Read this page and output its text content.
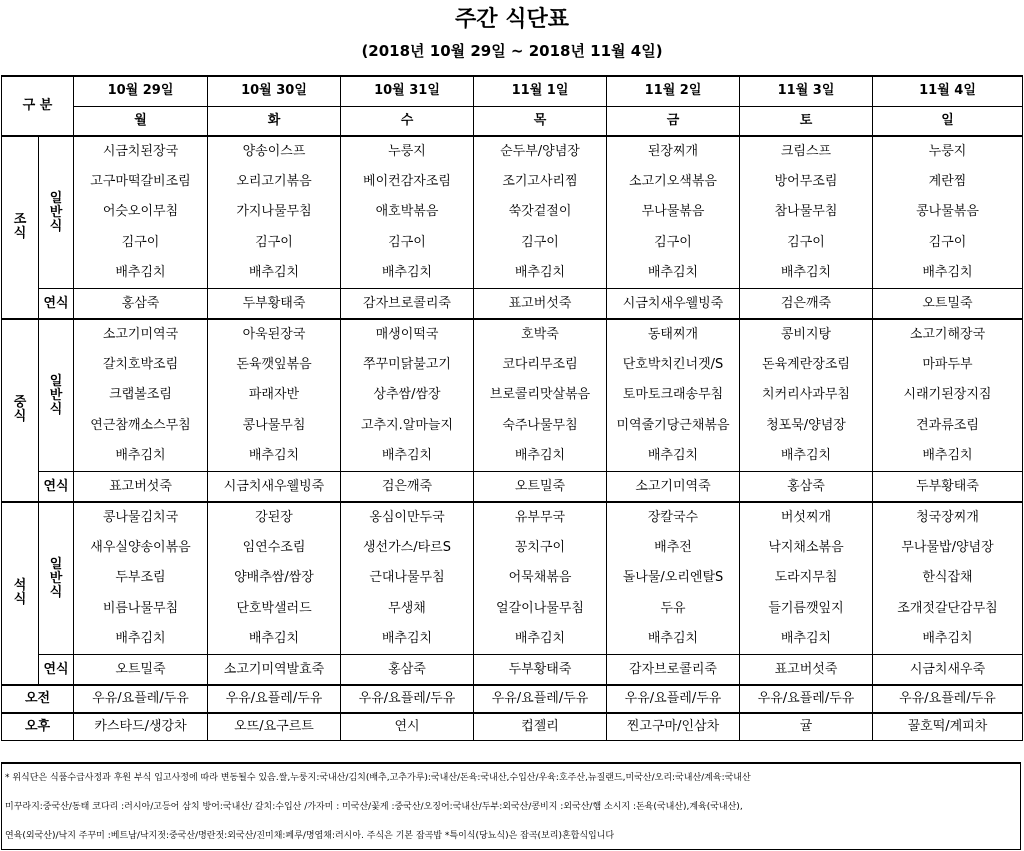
주간 식단표
(2018년 10월 29일 ~ 2018년 11월 4일)
구 분		10월 29일	10월 30일	10월 31일	11월 1일	11월 2일	11월 3일	11월 4일
		월	화	수	목	금	토	일
조 식	일반식	시금치된장국	양송이스프	누룽지	순두부/양념장	된장찌개	크림스프	누룽지
		고구마떡갈비조림	오리고기볶음	베이컨감자조림	조기고사리찜	소고기오색볶음	방어무조림	계란찜
		어슷오이무침	가지나물무침	애호박볶음	쑥갓겉절이	무나물볶음	참나물무침	콩나물볶음
		김구이	김구이	김구이	김구이	김구이	김구이	김구이
		배추김치	배추김치	배추김치	배추김치	배추김치	배추김치	배추김치
	연식	홍삼죽	두부황태죽	감자브로콜리죽	표고버섯죽	시금치새우웰빙죽	검은깨죽	오트밀죽
중 식	일반식	소고기미역국	아욱된장국	매생이떡국	호박죽	동태찌개	콩비지탕	소고기해장국
		갈치호박조림	돈육깻잎볶음	쭈꾸미닭불고기	코다리무조림	단호박치킨너겟/S	돈육계란장조림	마파두부
		크랩볼조림	파래자반	상추쌈/쌈장	브로콜리맛살볶음	토마토크래송무침	치커리사과무침	시래기된장지짐
		연근참깨소스무침	콩나물무침	고추지.알마늘지	숙주나물무침	미역줄기당근채볶음	청포묵/양념장	견과류조림
		배추김치	배추김치	배추김치	배추김치	배추김치	배추김치	배추김치
	연식	표고버섯죽	시금치새우웰빙죽	검은깨죽	오트밀죽	소고기미역죽	홍삼죽	두부황태죽
석 식	일반식	콩나물김치국	강된장	옹심이만두국	유부무국	장칼국수	버섯찌개	청국장찌개
		새우실양송이볶음	임연수조림	생선가스/타르S	꽁치구이	배추전	낙지채소볶음	무나물밥/양념장
		두부조림	양배추쌈/쌈장	근대나물무침	어묵채볶음	돌나물/오리엔탈S	도라지무침	한식잡채
		비름나물무침	단호박샐러드	무생채	얼갈이나물무침	두유	들기름깻잎지	조개젓갈단감무침
		배추김치	배추김치	배추김치	배추김치	배추김치	배추김치	배추김치
	연식	오트밀죽	소고기미역발효죽	홍삼죽	두부황태죽	감자브로콜리죽	표고버섯죽	시금치새우죽
오전		우유/요플레/두유	우유/요플레/두유	우유/요플레/두유	우유/요플레/두유	우유/요플레/두유	우유/요플레/두유	우유/요플레/두유
오후		카스타드/생강차	오뜨/요구르트	연시	컵젤리	찐고구마/인삼차	귤	꿀호떡/계피차
* 위식단은 식품수급사정과 후원 부식 입고사정에 따라 변동될수 있음.쌀,누룽지:국내산/김치(배추,고추가루):국내산/돈육:국내산,수입산/우육:호주산,뉴질랜드,미국산/오리:국내산/계육:국내산
미꾸라지:중국산/동태 코다리 :러시아/고등어 삼치 방어:국내산/ 갈치:수입산 /가자미 : 미국산/꽃게 :중국산/오징어:국내산/두부:외국산/콩비지 :외국산/햄 소시지 :돈육(국내산),계육(국내산),
연육(외국산)/낙지 주꾸미 :베트남/낙지젓:중국산/명란젓:외국산/진미채:페루/명엽채:러시아. 주식은 기본 잡곡밥 *특이식(당뇨식)은 잡곡(보리)혼합식입니다
